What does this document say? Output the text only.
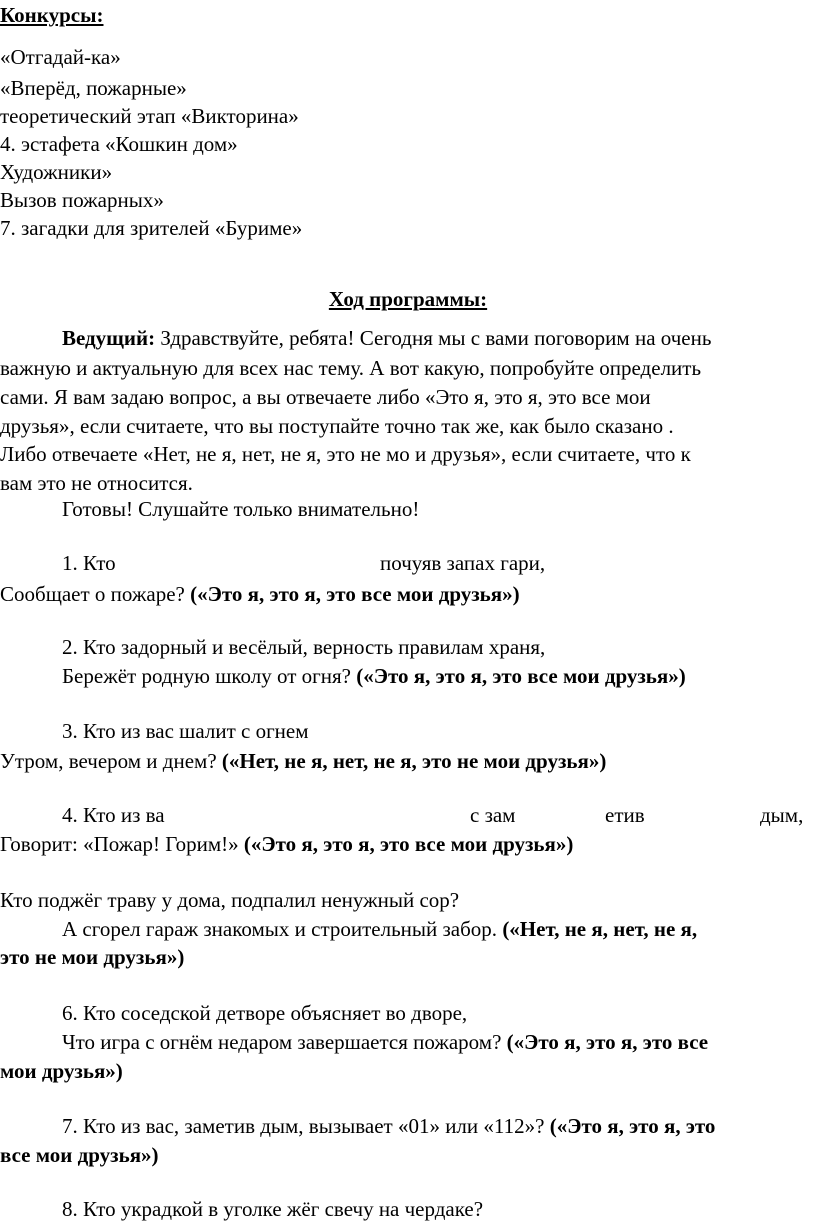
Конкурсы:
«Отгадай-ка»
«Вперёд, пожарные»
теоретический этап «Викторина»
4. эстафета «Кошкин дом»
Художники»
Вызов пожарных»
7. загадки для зрителей «Буриме»
Ход программы:
Ведущий: Здравствуйте, ребята! Сегодня мы с вами поговорим на очень
важную и актуальную для всех нас тему. А вот какую, попробуйте определить
сами. Я вам задаю вопрос, а вы отвечаете либо «Это я, это я, это все мои
друзья», если считаете, что вы поступайте точно так же, как было сказано .
Либо отвечаете «Нет, не я, нет, не я, это не мо и друзья», если считаете, что к
вам это не относится.
Готовы! Слушайте только внимательно!
1. Кто	почуяв запах гари,
Сообщает о пожаре? («Это я, это я, это все мои друзья»)
2. Кто задорный и весёлый, верность правилам храня,
Бережёт родную школу от огня? («Это я, это я, это все мои друзья»)
3. Кто из вас шалит с огнем
Утром, вечером и днем? («Нет, не я, нет, не я, это не мои друзья»)
4. Кто из ва	с зам	етив	дым,
Говорит: «Пожар! Горим!» («Это я, это я, это все мои друзья»)
Кто поджёг траву у дома, подпалил ненужный сор?
А сгорел гараж знакомых и строительный забор. («Нет, не я, нет, не я,
это не мои друзья»)
6. Кто соседской детворе объясняет во дворе,
Что игра с огнём недаром завершается пожаром? («Это я, это я, это все
мои друзья»)
7. Кто из вас, заметив дым, вызывает «01» или «112»? («Это я, это я, это
все мои друзья»)
8. Кто украдкой в уголке жёг свечу на чердаке?
